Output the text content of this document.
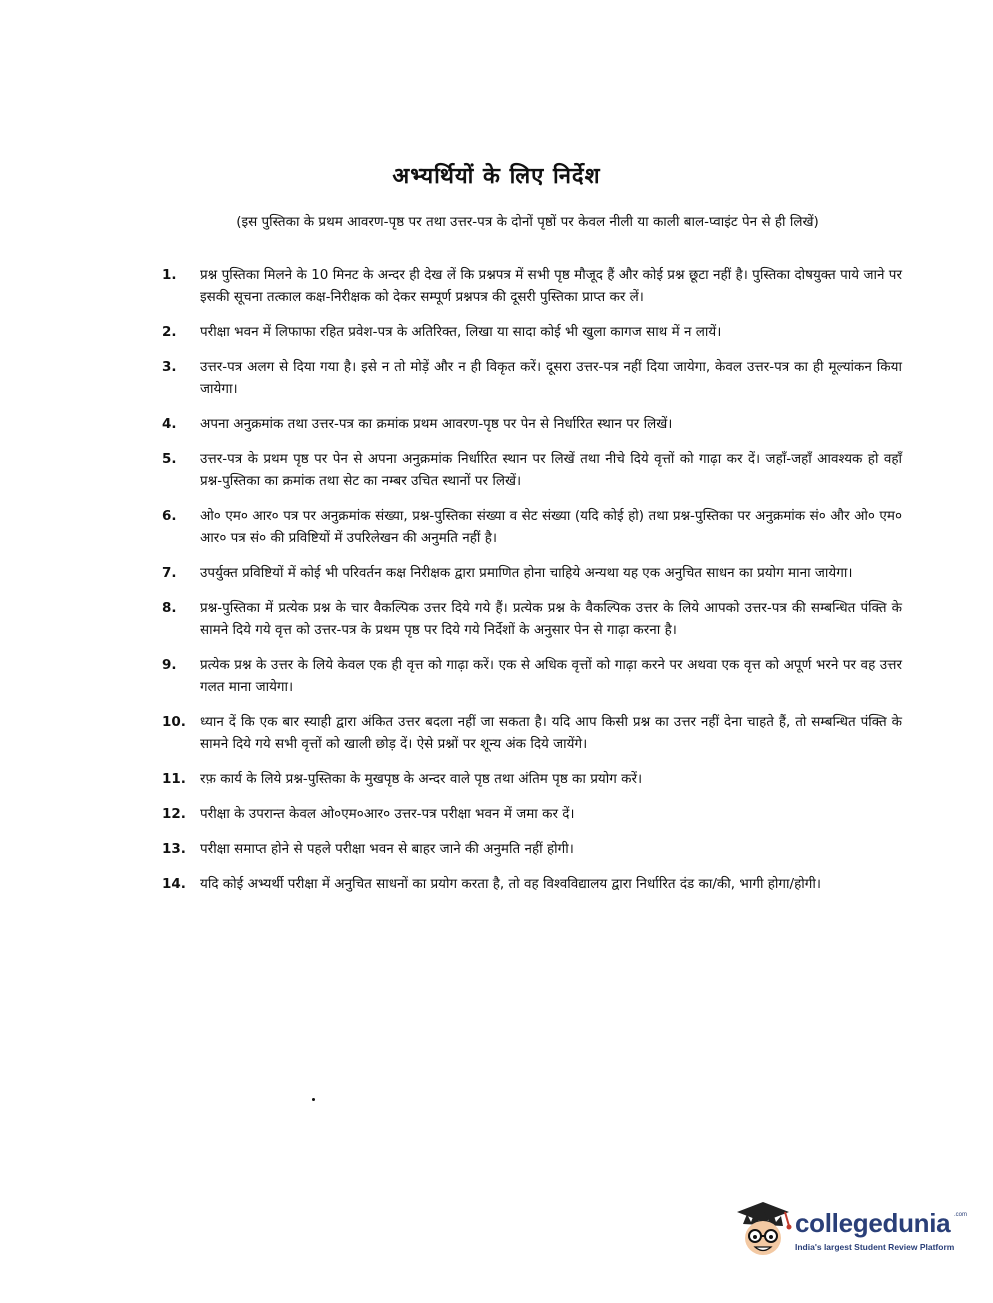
अभ्यर्थियों के लिए निर्देश
(इस पुस्तिका के प्रथम आवरण-पृष्ठ पर तथा उत्तर-पत्र के दोनों पृष्ठों पर केवल नीली या काली बाल-प्वाइंट पेन से ही लिखें)
1. प्रश्न पुस्तिका मिलने के 10 मिनट के अन्दर ही देख लें कि प्रश्नपत्र में सभी पृष्ठ मौजूद हैं और कोई प्रश्न छूटा नहीं है। पुस्तिका दोषयुक्त पाये जाने पर इसकी सूचना तत्काल कक्ष-निरीक्षक को देकर सम्पूर्ण प्रश्नपत्र की दूसरी पुस्तिका प्राप्त कर लें।
2. परीक्षा भवन में लिफाफा रहित प्रवेश-पत्र के अतिरिक्त, लिखा या सादा कोई भी खुला कागज साथ में न लायें।
3. उत्तर-पत्र अलग से दिया गया है। इसे न तो मोड़ें और न ही विकृत करें। दूसरा उत्तर-पत्र नहीं दिया जायेगा, केवल उत्तर-पत्र का ही मूल्यांकन किया जायेगा।
4. अपना अनुक्रमांक तथा उत्तर-पत्र का क्रमांक प्रथम आवरण-पृष्ठ पर पेन से निर्धारित स्थान पर लिखें।
5. उत्तर-पत्र के प्रथम पृष्ठ पर पेन से अपना अनुक्रमांक निर्धारित स्थान पर लिखें तथा नीचे दिये वृत्तों को गाढ़ा कर दें। जहाँ-जहाँ आवश्यक हो वहाँ प्रश्न-पुस्तिका का क्रमांक तथा सेट का नम्बर उचित स्थानों पर लिखें।
6. ओ० एम० आर० पत्र पर अनुक्रमांक संख्या, प्रश्न-पुस्तिका संख्या व सेट संख्या (यदि कोई हो) तथा प्रश्न-पुस्तिका पर अनुक्रमांक सं० और ओ० एम० आर० पत्र सं० की प्रविष्टियों में उपरिलेखन की अनुमति नहीं है।
7. उपर्युक्त प्रविष्टियों में कोई भी परिवर्तन कक्ष निरीक्षक द्वारा प्रमाणित होना चाहिये अन्यथा यह एक अनुचित साधन का प्रयोग माना जायेगा।
8. प्रश्न-पुस्तिका में प्रत्येक प्रश्न के चार वैकल्पिक उत्तर दिये गये हैं। प्रत्येक प्रश्न के वैकल्पिक उत्तर के लिये आपको उत्तर-पत्र की सम्बन्धित पंक्ति के सामने दिये गये वृत्त को उत्तर-पत्र के प्रथम पृष्ठ पर दिये गये निर्देशों के अनुसार पेन से गाढ़ा करना है।
9. प्रत्येक प्रश्न के उत्तर के लिये केवल एक ही वृत्त को गाढ़ा करें। एक से अधिक वृत्तों को गाढ़ा करने पर अथवा एक वृत्त को अपूर्ण भरने पर वह उत्तर गलत माना जायेगा।
10. ध्यान दें कि एक बार स्याही द्वारा अंकित उत्तर बदला नहीं जा सकता है। यदि आप किसी प्रश्न का उत्तर नहीं देना चाहते हैं, तो सम्बन्धित पंक्ति के सामने दिये गये सभी वृत्तों को खाली छोड़ दें। ऐसे प्रश्नों पर शून्य अंक दिये जायेंगे।
11. रफ़ कार्य के लिये प्रश्न-पुस्तिका के मुखपृष्ठ के अन्दर वाले पृष्ठ तथा अंतिम पृष्ठ का प्रयोग करें।
12. परीक्षा के उपरान्त केवल ओ०एम०आर० उत्तर-पत्र परीक्षा भवन में जमा कर दें।
13. परीक्षा समाप्त होने से पहले परीक्षा भवन से बाहर जाने की अनुमति नहीं होगी।
14. यदि कोई अभ्यर्थी परीक्षा में अनुचित साधनों का प्रयोग करता है, तो वह विश्वविद्यालय द्वारा निर्धारित दंड का/की, भागी होगा/होगी।
collegedunia .com
India's largest Student Review Platform
